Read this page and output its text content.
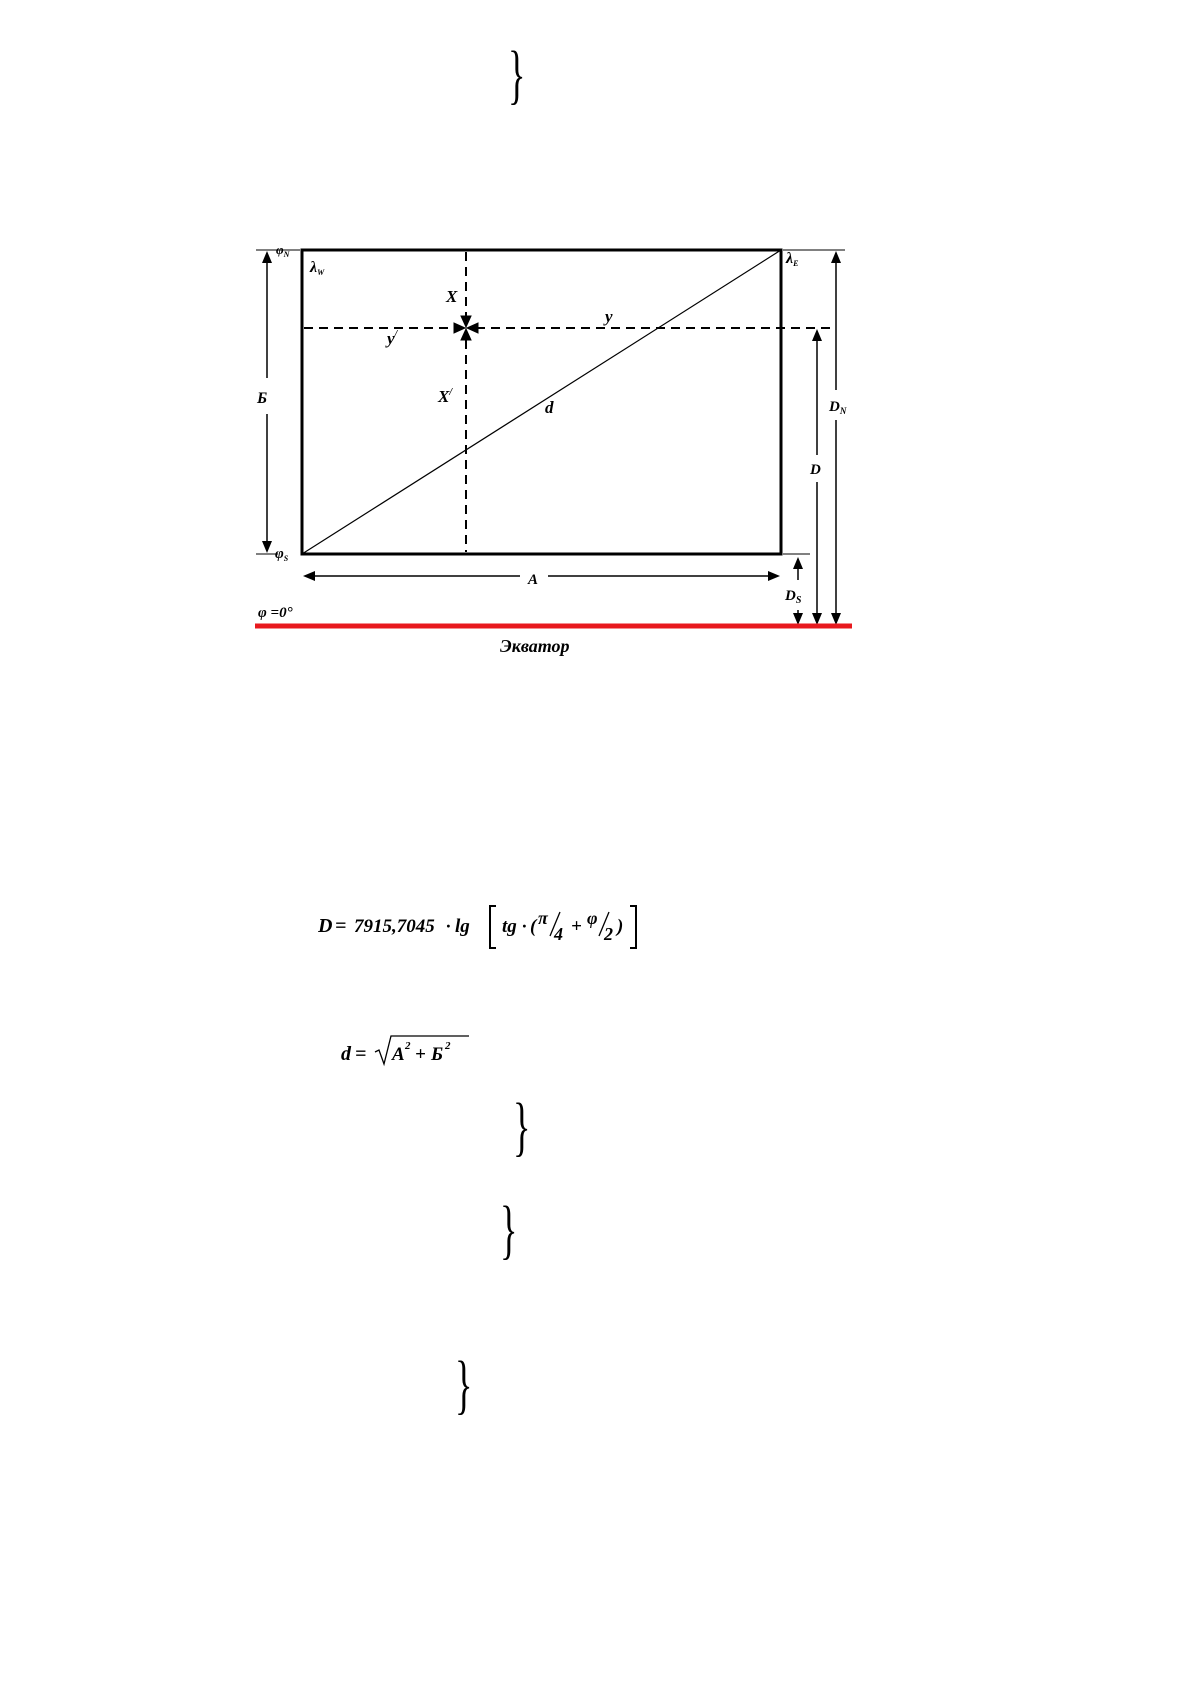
}
$\varphi_N$
λW
λE
$\varphi_S$
X
X/
y
y/
d
Б
A
$D_N$
D
$D_S$
φ =0°
Экватор
D = 7915,7045 · lg tg · ( π
4 + φ
2 )
d = A 2 + Б 2
}
}
}
